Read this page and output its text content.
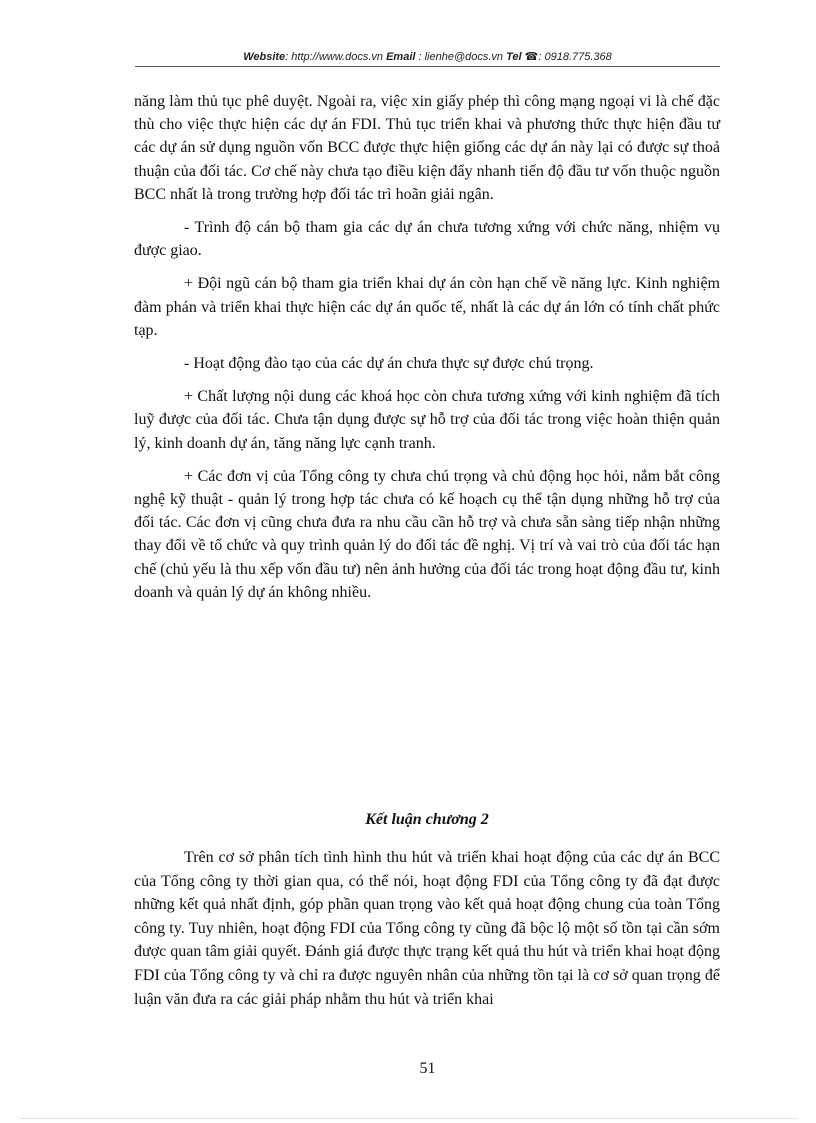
Website: http://www.docs.vn Email : lienhe@docs.vn Tel ☎: 0918.775.368

năng làm thủ tục phê duyệt. Ngoài ra, việc xin giấy phép thì công mạng ngoại vi là chế đặc thù cho việc thực hiện các dự án FDI. Thủ tục triển khai và phương thức thực hiện đầu tư các dự án sử dụng nguồn vốn BCC được thực hiện giống các dự án này lại có được sự thoả thuận của đối tác. Cơ chế này chưa tạo điều kiện đẩy nhanh tiến độ đầu tư vốn thuộc nguồn BCC nhất là trong trường hợp đối tác trì hoãn giải ngân.

- Trình độ cán bộ tham gia các dự án chưa tương xứng với chức năng, nhiệm vụ được giao.

+ Đội ngũ cán bộ tham gia triển khai dự án còn hạn chế về năng lực. Kinh nghiệm đàm phán và triển khai thực hiện các dự án quốc tế, nhất là các dự án lớn có tính chất phức tạp.

- Hoạt động đào tạo của các dự án chưa thực sự được chú trọng.

+ Chất lượng nội dung các khoá học còn chưa tương xứng với kinh nghiệm đã tích luỹ được của đối tác. Chưa tận dụng được sự hỗ trợ của đối tác trong việc hoàn thiện quản lý, kinh doanh dự án, tăng năng lực cạnh tranh.

+ Các đơn vị của Tổng công ty chưa chú trọng và chủ động học hỏi, nắm bắt công nghệ kỹ thuật - quản lý trong hợp tác chưa có kế hoạch cụ thể tận dụng những hỗ trợ của đối tác. Các đơn vị cũng chưa đưa ra nhu cầu cần hỗ trợ và chưa sẵn sàng tiếp nhận những thay đổi về tổ chức và quy trình quản lý do đối tác đề nghị. Vị trí và vai trò của đối tác hạn chế (chủ yếu là thu xếp vốn đầu tư) nên ảnh hưởng của đối tác trong hoạt động đầu tư, kinh doanh và quản lý dự án không nhiều.

Kết luận chương 2

Trên cơ sở phân tích tình hình thu hút và triển khai hoạt động của các dự án BCC của Tổng công ty thời gian qua, có thể nói, hoạt động FDI của Tổng công ty đã đạt được những kết quả nhất định, góp phần quan trọng vào kết quả hoạt động chung của toàn Tổng công ty. Tuy nhiên, hoạt động FDI của Tổng công ty cũng đã bộc lộ một số tồn tại cần sớm được quan tâm giải quyết. Đánh giá được thực trạng kết quả thu hút và triển khai hoạt động FDI của Tổng công ty và chỉ ra được nguyên nhân của những tồn tại là cơ sở quan trọng để luận văn đưa ra các giải pháp nhằm thu hút và triển khai

51
